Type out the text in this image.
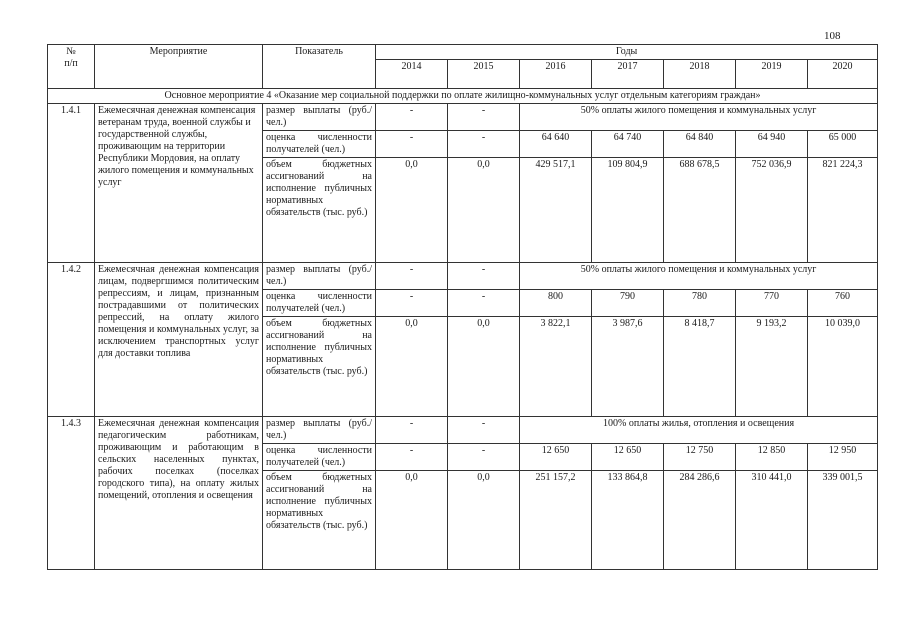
108
№
п/п	Мероприятие	Показатель	Годы						
			2014	2015	2016	2017	2018	2019	2020
Основное мероприятие 4 «Оказание мер социальной поддержки по оплате жилищно-коммунальных услуг отдельным категориям граждан»									
1.4.1	Ежемесячная денежная компенсация ветеранам труда, военной службы и государственной службы, проживающим на территории Республики Мордовия, на оплату жилого помещения и коммунальных услуг	размер выплаты (руб./ чел.)	-	-	50% оплаты жилого помещения и коммунальных услуг				
		оценка численности получателей (чел.)	-	-	64 640	64 740	64 840	64 940	65 000
		объем бюджетных ассигнований на исполнение публичных нормативных обязательств (тыс. руб.)	0,0	0,0	429 517,1	109 804,9	688 678,5	752 036,9	821 224,3
1.4.2	Ежемесячная денежная компенсация лицам, подвергшимся политическим репрессиям, и лицам, признанным пострадавшими от политических репрессий, на оплату жилого помещения и коммунальных услуг, за исключением транспортных услуг для доставки топлива	размер выплаты (руб./ чел.)	-	-	50% оплаты жилого помещения и коммунальных услуг				
		оценка численности получателей (чел.)	-	-	800	790	780	770	760
		объем бюджетных ассигнований на исполнение публичных нормативных обязательств (тыс. руб.)	0,0	0,0	3 822,1	3 987,6	8 418,7	9 193,2	10 039,0
1.4.3	Ежемесячная денежная компенсация педагогическим работникам, проживающим и работающим в сельских населенных пунктах, рабочих поселках (поселках городского типа), на оплату жилых помещений, отопления и освещения	размер выплаты (руб./ чел.)	-	-	100% оплаты жилья, отопления и освещения				
		оценка численности получателей (чел.)	-	-	12 650	12 650	12 750	12 850	12 950
		объем бюджетных ассигнований на исполнение публичных нормативных обязательств (тыс. руб.)	0,0	0,0	251 157,2	133 864,8	284 286,6	310 441,0	339 001,5
